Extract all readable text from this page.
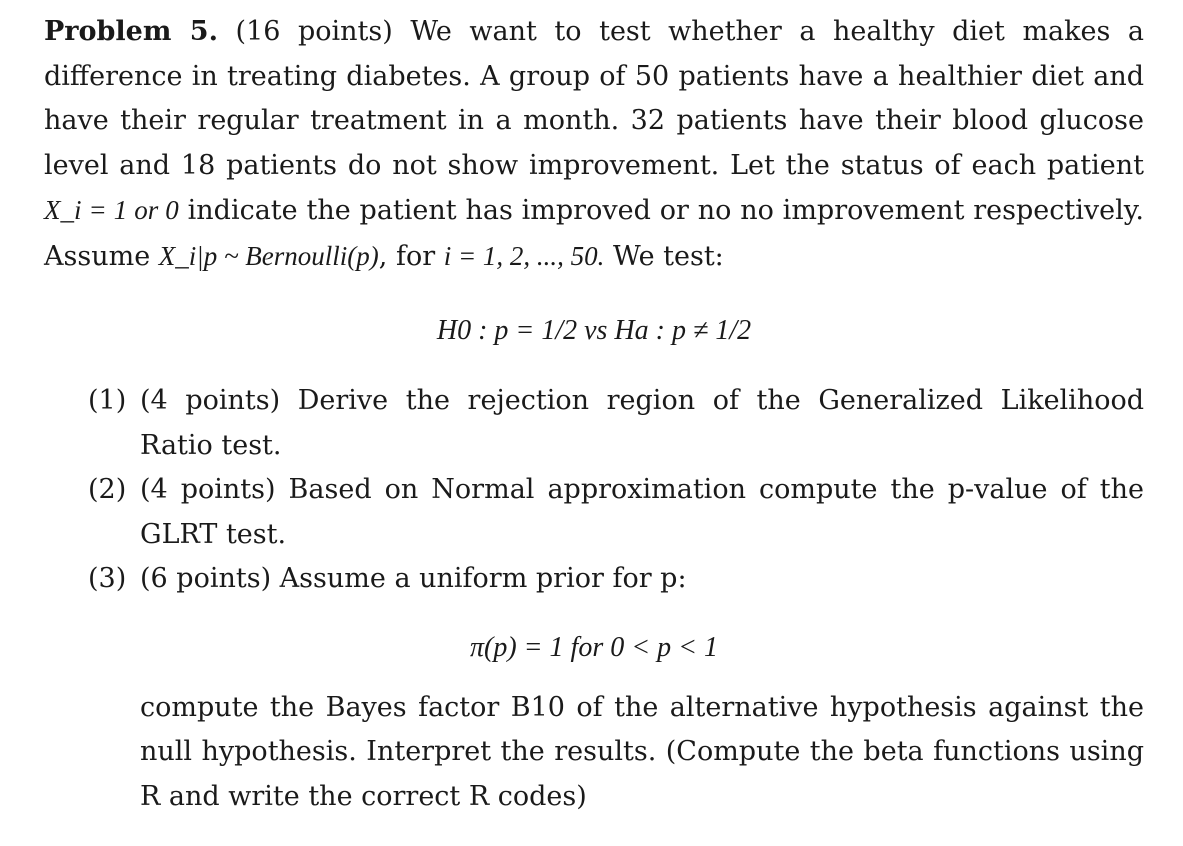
Problem 5. (16 points) We want to test whether a healthy diet makes a difference in treating diabetes. A group of 50 patients have a healthier diet and have their regular treatment in a month. 32 patients have their blood glucose level and 18 patients do not show improvement. Let the status of each patient X_i = 1 or 0 indicate the patient has improved or no no improvement respectively. Assume X_i|p ~ Bernoulli(p), for i = 1, 2, ..., 50. We test:

H0 : p = 1/2 vs Ha : p ≠ 1/2

(1) (4 points) Derive the rejection region of the Generalized Likelihood Ratio test.
(2) (4 points) Based on Normal approximation compute the p-value of the GLRT test.
(3) (6 points) Assume a uniform prior for p:

π(p) = 1 for 0 < p < 1

compute the Bayes factor B10 of the alternative hypothesis against the null hypothesis. Interpret the results. (Compute the beta functions using R and write the correct R codes)
